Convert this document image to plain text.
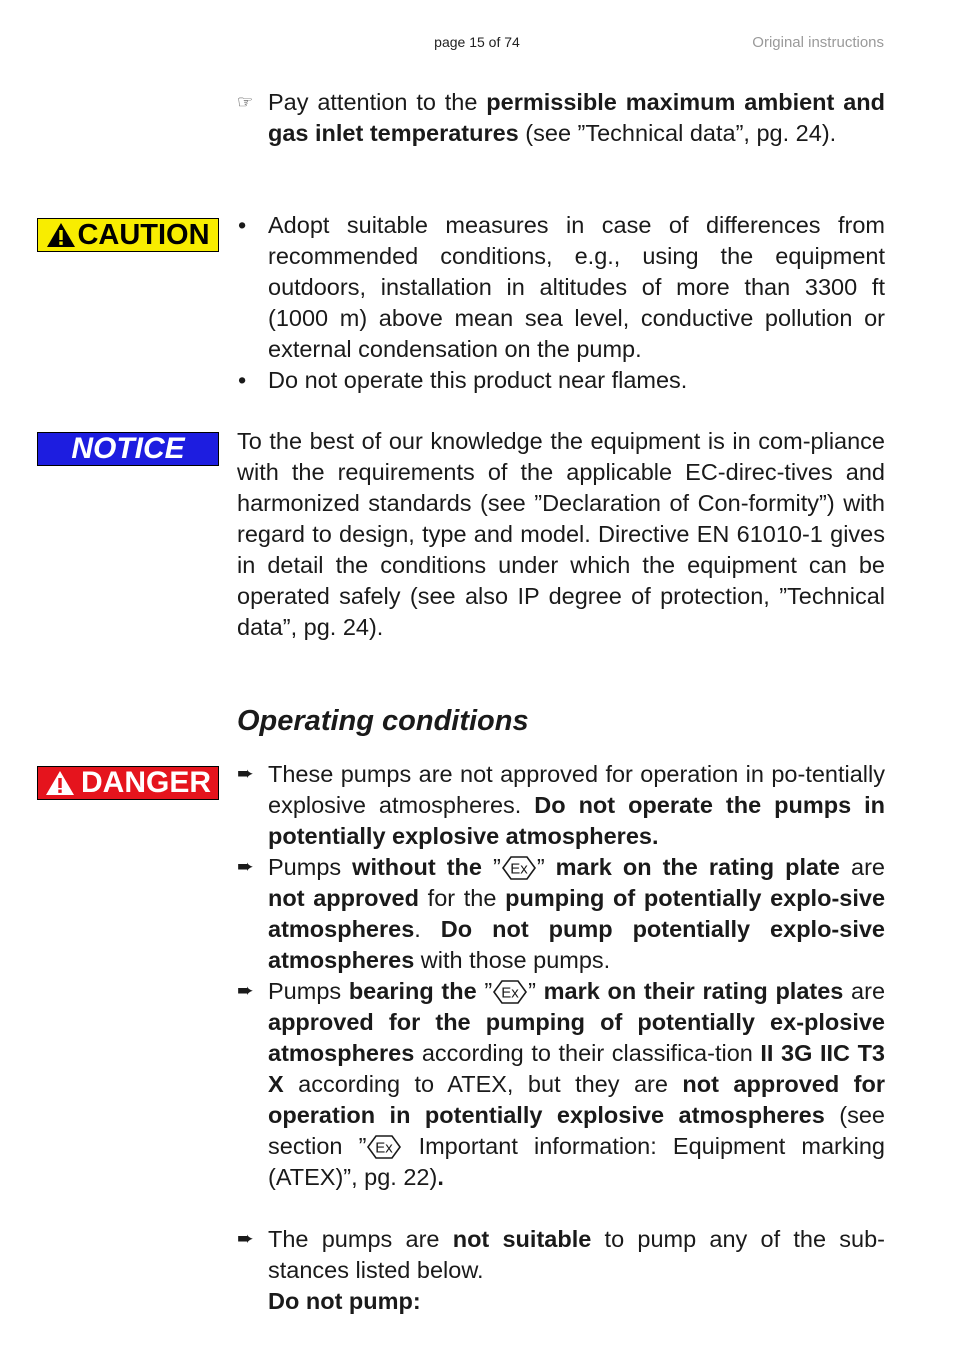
page 15 of 74	Original instructions
☞ Pay attention to the permissible maximum ambient and gas inlet temperatures (see ”Technical data”, pg. 24).
CAUTION • Adopt suitable measures in case of differences from recommended conditions, e.g., using the equipment outdoors, installation in altitudes of more than 3300 ft (1000 m) above mean sea level, conductive pollution or external condensation on the pump.
• Do not operate this product near flames.
NOTICE To the best of our knowledge the equipment is in com-pliance with the requirements of the applicable EC-direc-tives and harmonized standards (see ”Declaration of Con-formity”) with regard to design, type and model. Directive EN 61010-1 gives in detail the conditions under which the equipment can be operated safely (see also IP degree of protection, ”Technical data”, pg. 24).
Operating conditions
DANGER ➨ These pumps are not approved for operation in po-tentially explosive atmospheres. Do not operate the pumps in potentially explosive atmospheres.
➨ Pumps without the ” Ex ” mark on the rating plate are not approved for the pumping of potentially explo-sive atmospheres. Do not pump potentially explo-sive atmospheres with those pumps.
➨ Pumps bearing the ” Ex ” mark on their rating plates are approved for the pumping of potentially ex-plosive atmospheres according to their classifica-tion II 3G IIC T3 X according to ATEX, but they are not approved for operation in potentially explosive atmospheres (see section ” Ex Important information: Equipment marking (ATEX)”, pg. 22).
➨ The pumps are not suitable to pump any of the sub-stances listed below.
Do not pump:
